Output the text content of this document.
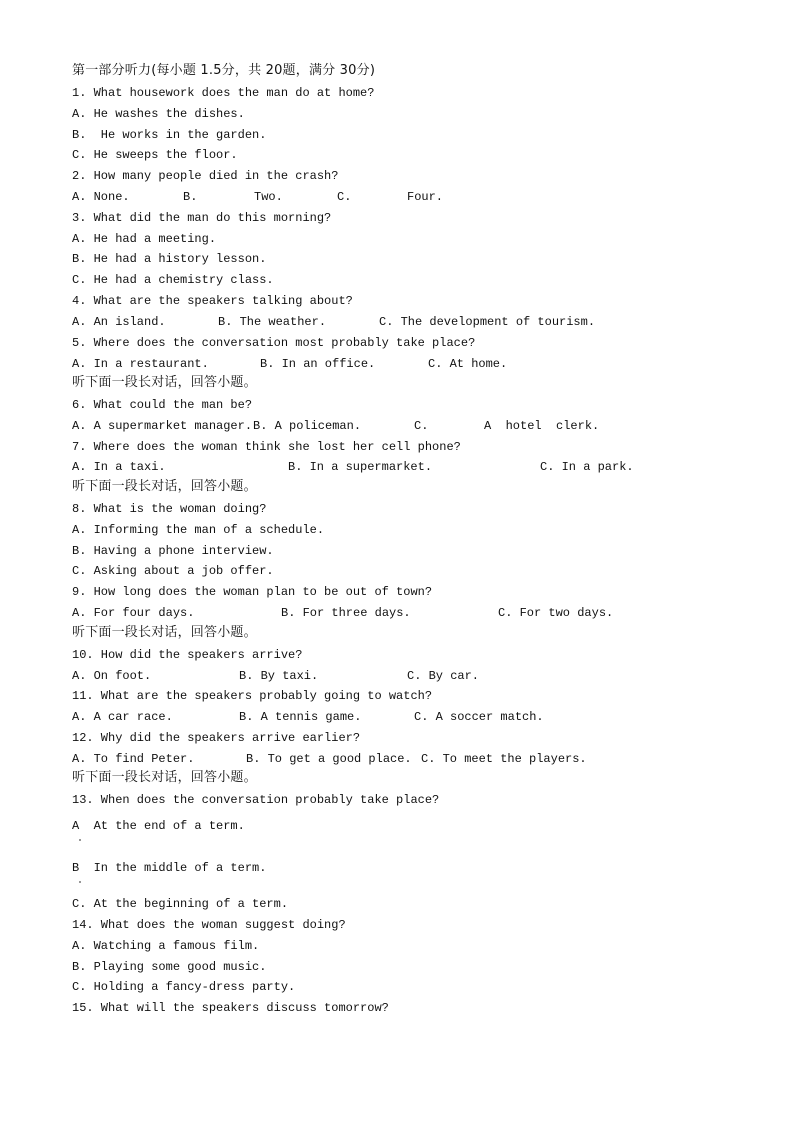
第一部分听力(每小题 1.5分，共 20题，满分 30分)

1. What housework does the man do at home?

A. He washes the dishes.

B.  He works in the garden.

C. He sweeps the floor.

2. How many people died in the crash?

A. None.

	B.

	Two.

	C.

	Four.

3. What did the man do this morning?

A. He had a meeting.

B. He had a history lesson.

C. He had a chemistry class.

4. What are the speakers talking about?

A. An island.

	B. The weather.

	C. The development of tourism.

5. Where does the conversation most probably take place?

A. In a restaurant.

	B. In an office.

	C. At home.

听下面一段长对话，回答小题。

6. What could the man be?

A. A supermarket manager.

B. A policeman.

	C.

	A  hotel  clerk.

7. Where does the woman think she lost her cell phone?

A. In a taxi.

	B. In a supermarket.

	C. In a park.

听下面一段长对话，回答小题。

8. What is the woman doing?

A. Informing the man of a schedule.

B. Having a phone interview.

C. Asking about a job offer.

9. How long does the woman plan to be out of town?

A. For four days.

	B. For three days.

	C. For two days.

听下面一段长对话，回答小题。

10. How did the speakers arrive?

A. On foot.

	B. By taxi.

	C. By car.

11. What are the speakers probably going to watch?

A. A car race.

	B. A tennis game.

	C. A soccer match.

12. Why did the speakers arrive earlier?

A. To find Peter.

	B. To get a good place.

C. To meet the players.

听下面一段长对话，回答小题。

13. When does the conversation probably take place?

A  At the end of a term.

B  In the middle of a term.

C. At the beginning of a term.

14. What does the woman suggest doing?

A. Watching a famous film.

B. Playing some good music.

C. Holding a fancy-dress party.

15. What will the speakers discuss tomorrow?
